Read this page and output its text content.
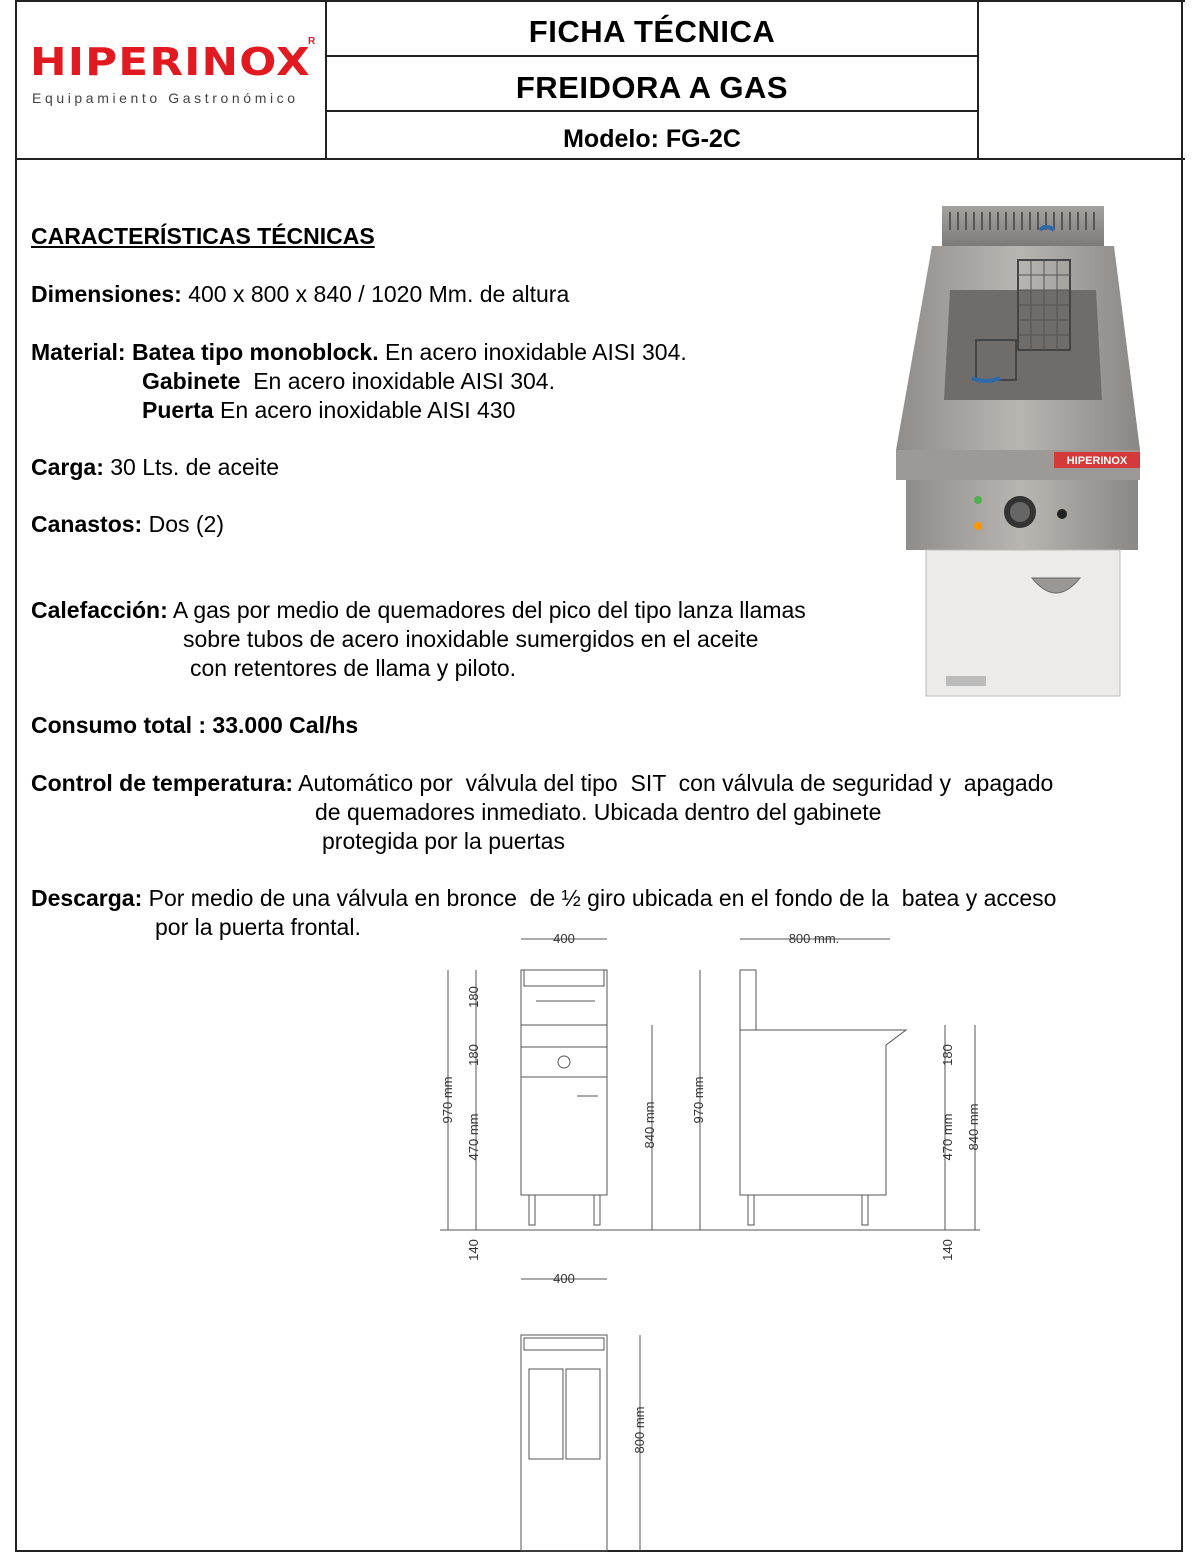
HIPERINOX
R
Equipamiento Gastronómico
FICHA TÉCNICA
FREIDORA A GAS
Modelo: FG-2C
CARACTERÍSTICAS TÉCNICAS
Dimensiones: 400 x 800 x 840 / 1020 Mm. de altura
Material: Batea tipo monoblock. En acero inoxidable AISI 304.
Gabinete  En acero inoxidable AISI 304.
Puerta En acero inoxidable AISI 430
Carga: 30 Lts. de aceite
Canastos: Dos (2)
Calefacción: A gas por medio de quemadores del pico del tipo lanza llamas
sobre tubos de acero inoxidable sumergidos en el aceite
con retentores de llama y piloto.
Consumo total : 33.000 Cal/hs
Control de temperatura: Automático por  válvula del tipo  SIT  con válvula de seguridad y  apagado
de quemadores inmediato. Ubicada dentro del gabinete
protegida por la puertas
Descarga: Por medio de una válvula en bronce  de ½ giro ubicada en el fondo de la  batea y acceso
por la puerta frontal.
HIPERINOX
400	800 mm.
400
970 mm
180
180
470 mm
140
840 mm
970 mm
180
470 mm 840 mm
140
800 mm
